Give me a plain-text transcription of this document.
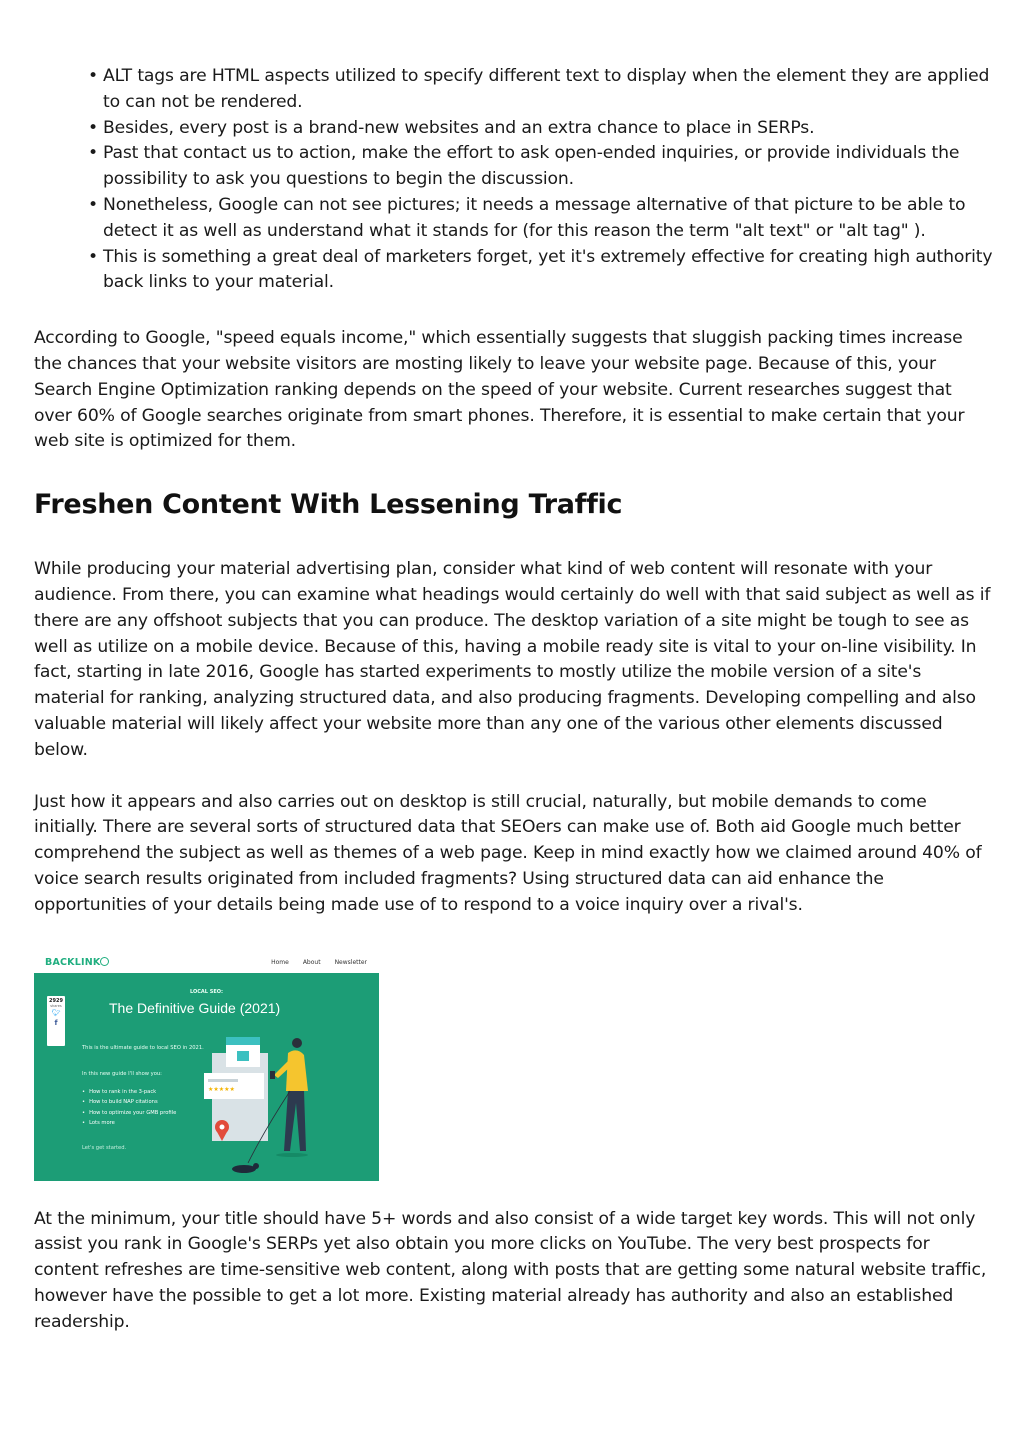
• ALT tags are HTML aspects utilized to specify different text to display when the element they are applied to can not be rendered.
• Besides, every post is a brand-new websites and an extra chance to place in SERPs.
• Past that contact us to action, make the effort to ask open-ended inquiries, or provide individuals the possibility to ask you questions to begin the discussion.
• Nonetheless, Google can not see pictures; it needs a message alternative of that picture to be able to detect it as well as understand what it stands for (for this reason the term "alt text" or "alt tag" ).
• This is something a great deal of marketers forget, yet it's extremely effective for creating high authority back links to your material.

According to Google, "speed equals income," which essentially suggests that sluggish packing times increase the chances that your website visitors are mosting likely to leave your website page. Because of this, your Search Engine Optimization ranking depends on the speed of your website. Current researches suggest that over 60% of Google searches originate from smart phones. Therefore, it is essential to make certain that your web site is optimized for them.

Freshen Content With Lessening Traffic

While producing your material advertising plan, consider what kind of web content will resonate with your audience. From there, you can examine what headings would certainly do well with that said subject as well as if there are any offshoot subjects that you can produce. The desktop variation of a site might be tough to see as well as utilize on a mobile device. Because of this, having a mobile ready site is vital to your on-line visibility. In fact, starting in late 2016, Google has started experiments to mostly utilize the mobile version of a site's material for ranking, analyzing structured data, and also producing fragments. Developing compelling and also valuable material will likely affect your website more than any one of the various other elements discussed below.

Just how it appears and also carries out on desktop is still crucial, naturally, but mobile demands to come initially. There are several sorts of structured data that SEOers can make use of. Both aid Google much better comprehend the subject as well as themes of a web page. Keep in mind exactly how we claimed around 40% of voice search results originated from included fragments? Using structured data can aid enhance the opportunities of your details being made use of to respond to a voice inquiry over a rival's.

BACKLINK	Home About Newsletter
2929
shares
🐦︎
f
LOCAL SEO:
The Definitive Guide (2021)
This is the ultimate guide to local SEO in 2021.
In this new guide I'll show you:
• How to rank in the 3-pack
• How to build NAP citations
• How to optimize your GMB profile
• Lots more
Let's get started.
★★★★★

At the minimum, your title should have 5+ words and also consist of a wide target key words. This will not only assist you rank in Google's SERPs yet also obtain you more clicks on YouTube. The very best prospects for content refreshes are time-sensitive web content, along with posts that are getting some natural website traffic, however have the possible to get a lot more. Existing material already has authority and also an established readership.
